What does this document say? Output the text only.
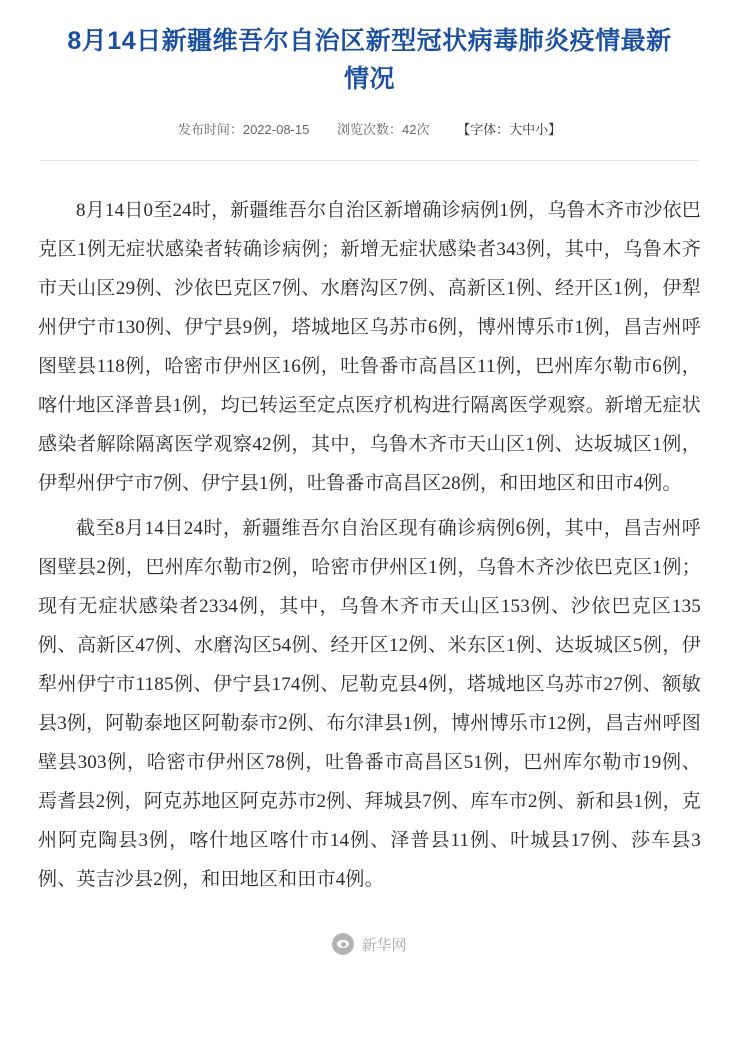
8月14日新疆维吾尔自治区新型冠状病毒肺炎疫情最新情况
发布时间：2022-08-15 浏览次数：42次 【字体：大中小】

8月14日0至24时，新疆维吾尔自治区新增确诊病例1例，乌鲁木齐市沙依巴克区1例无症状感染者转确诊病例；新增无症状感染者343例，其中，乌鲁木齐市天山区29例、沙依巴克区7例、水磨沟区7例、高新区1例、经开区1例，伊犁州伊宁市130例、伊宁县9例，塔城地区乌苏市6例，博州博乐市1例，昌吉州呼图壁县118例，哈密市伊州区16例，吐鲁番市高昌区11例，巴州库尔勒市6例，喀什地区泽普县1例，均已转运至定点医疗机构进行隔离医学观察。新增无症状感染者解除隔离医学观察42例，其中，乌鲁木齐市天山区1例、达坂城区1例，伊犁州伊宁市7例、伊宁县1例，吐鲁番市高昌区28例，和田地区和田市4例。

截至8月14日24时，新疆维吾尔自治区现有确诊病例6例，其中，昌吉州呼图壁县2例，巴州库尔勒市2例，哈密市伊州区1例，乌鲁木齐沙依巴克区1例；现有无症状感染者2334例，其中，乌鲁木齐市天山区153例、沙依巴克区135例、高新区47例、水磨沟区54例、经开区12例、米东区1例、达坂城区5例，伊犁州伊宁市1185例、伊宁县174例、尼勒克县4例，塔城地区乌苏市27例、额敏县3例，阿勒泰地区阿勒泰市2例、布尔津县1例，博州博乐市12例，昌吉州呼图壁县303例，哈密市伊州区78例，吐鲁番市高昌区51例，巴州库尔勒市19例、焉耆县2例，阿克苏地区阿克苏市2例、拜城县7例、库车市2例、新和县1例，克州阿克陶县3例，喀什地区喀什市14例、泽普县11例、叶城县17例、莎车县3例、英吉沙县2例，和田地区和田市4例。

新华网
